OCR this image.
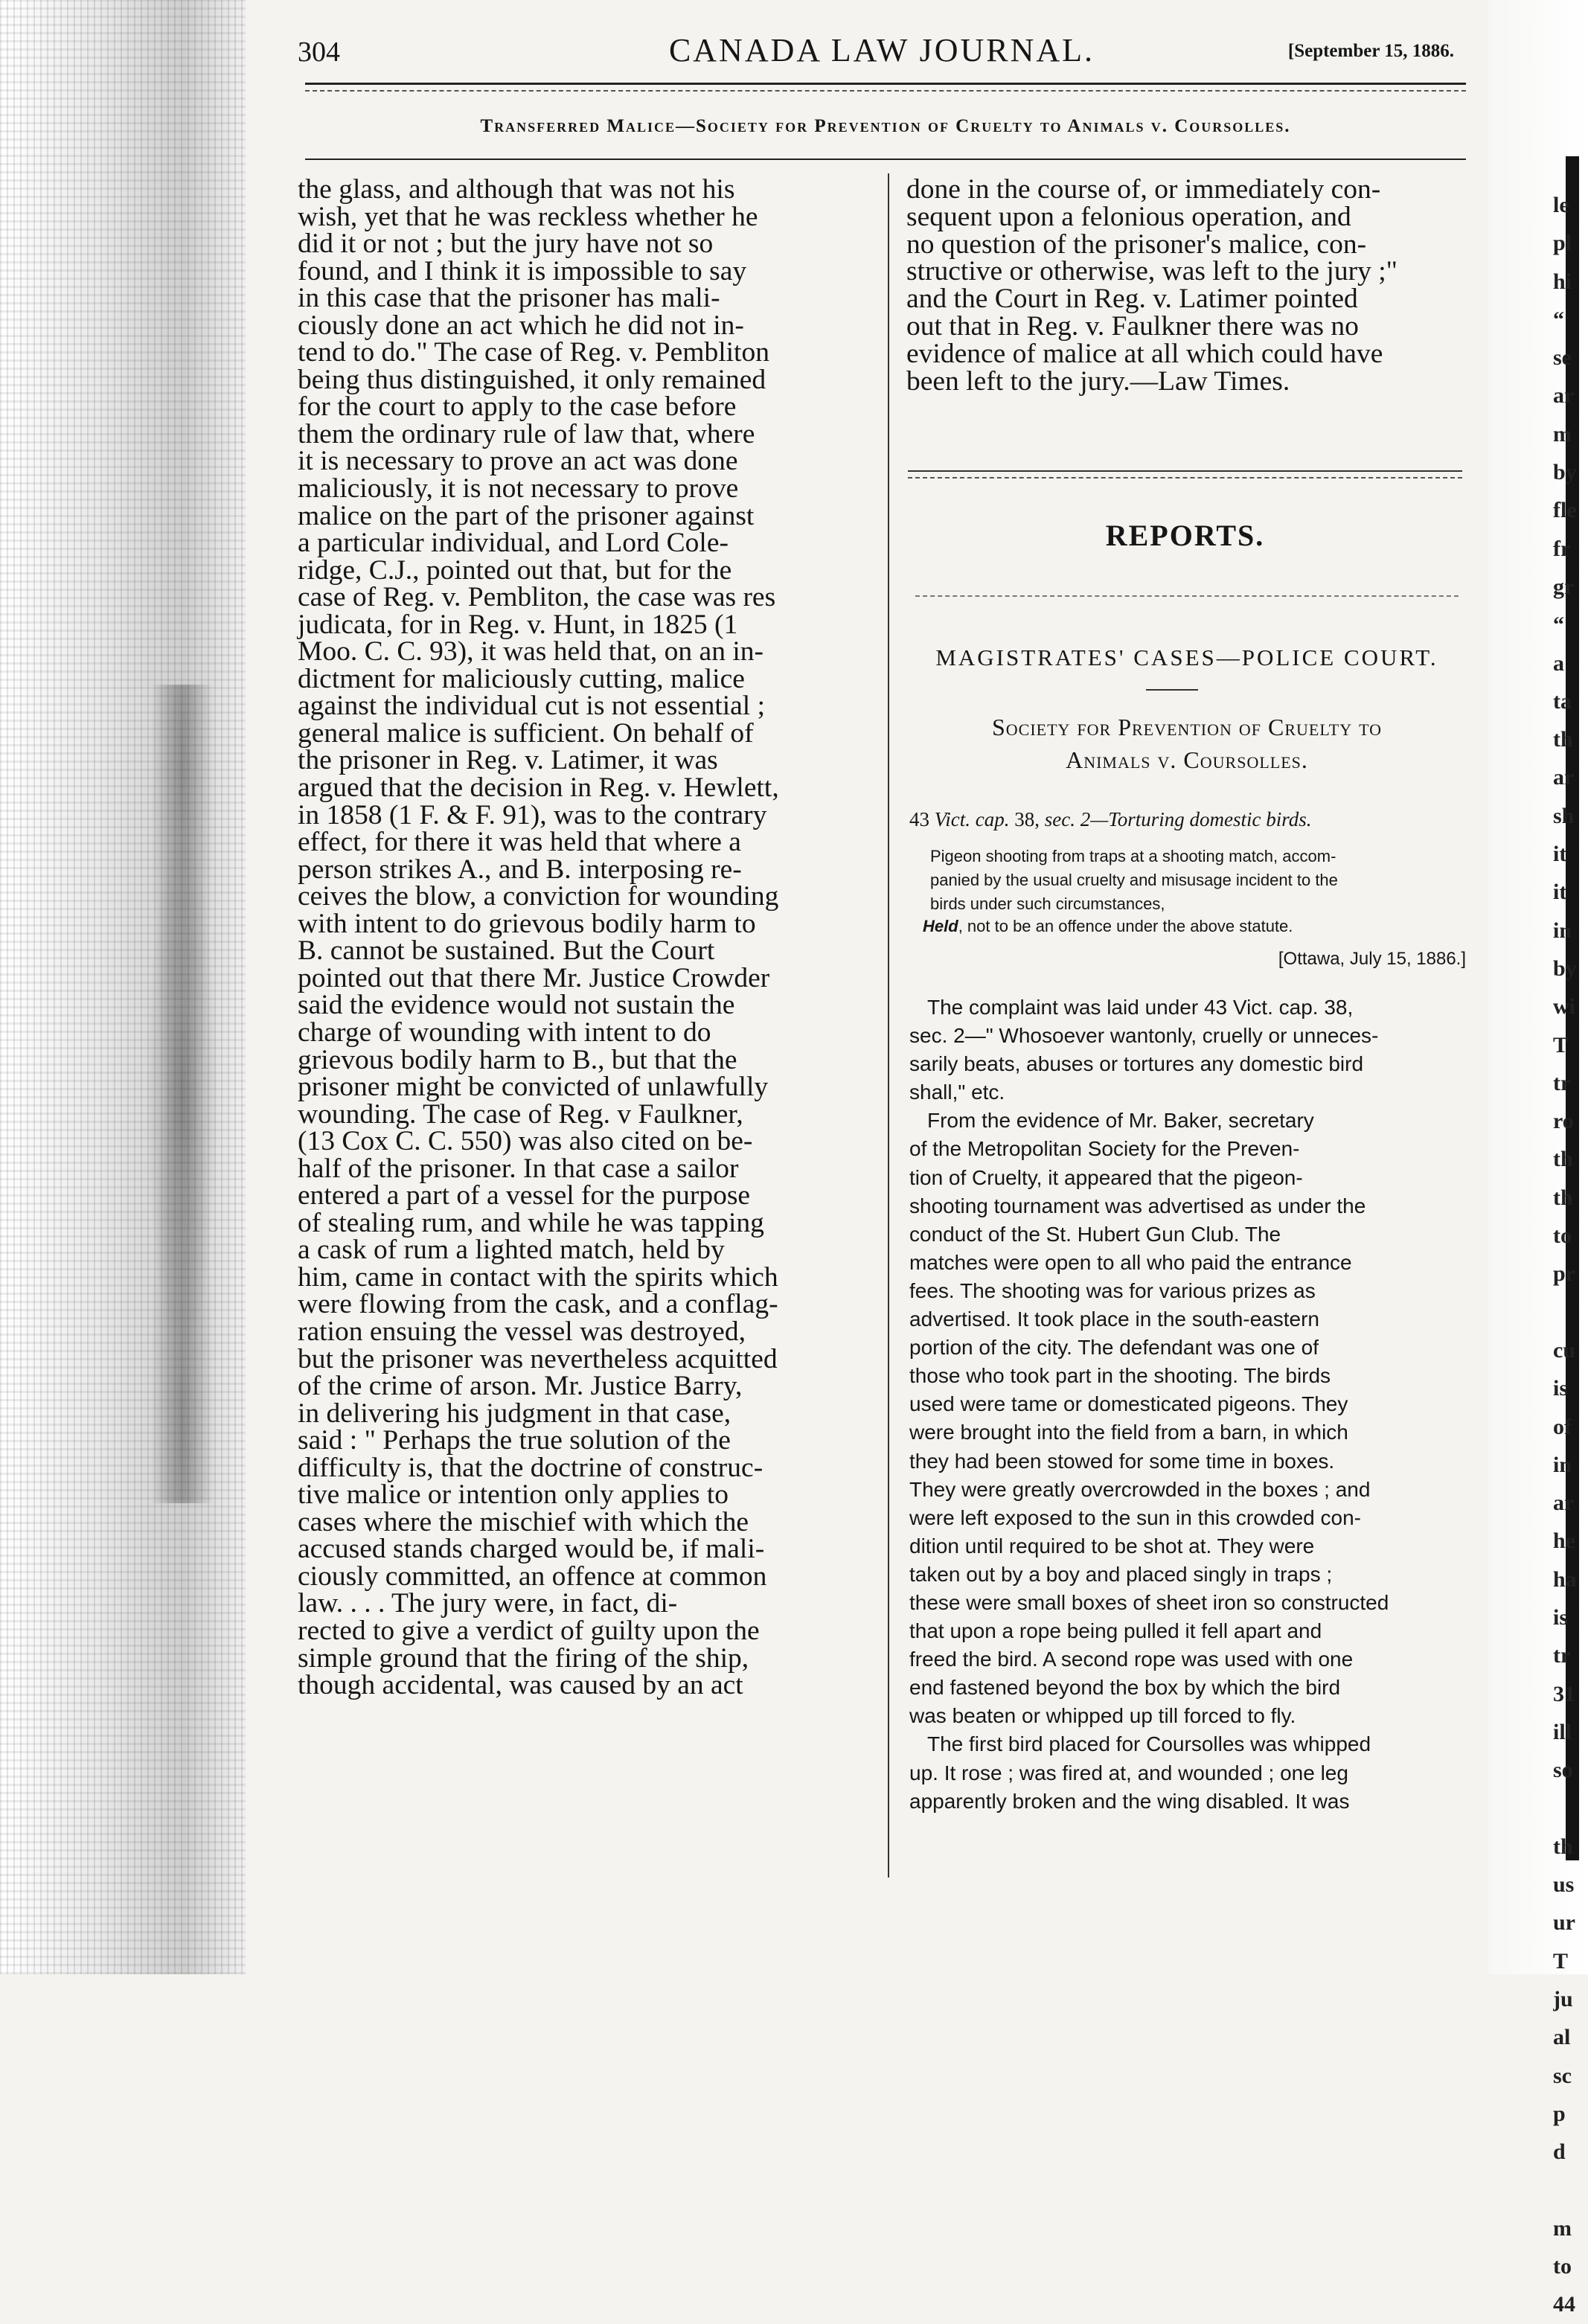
le
pl
hi
“
se
ar
m
by
fle
fr
gr
“
a
ta
th
ar
sh
it
it
in
by
wi
T
tr
ro
th
th
to
pr
cu
is
of
in
ar
he
ha
is
tr
31
ill
so
th
us
ur
T
ju
al
sc
p
d
m
to
44
304	CANADA LAW JOURNAL.	[September 15, 1886.
Transferred Malice—Society for Prevention of Cruelty to Animals v. Coursolles.
the glass, and although that was not his
wish, yet that he was reckless whether he
did it or not ; but the jury have not so
found, and I think it is impossible to say
in this case that the prisoner has mali-
ciously done an act which he did not in-
tend to do." The case of Reg. v. Pembliton
being thus distinguished, it only remained
for the court to apply to the case before
them the ordinary rule of law that, where
it is necessary to prove an act was done
maliciously, it is not necessary to prove
malice on the part of the prisoner against
a particular individual, and Lord Cole-
ridge, C.J., pointed out that, but for the
case of Reg. v. Pembliton, the case was res
judicata, for in Reg. v. Hunt, in 1825 (1
Moo. C. C. 93), it was held that, on an in-
dictment for maliciously cutting, malice
against the individual cut is not essential ;
general malice is sufficient. On behalf of
the prisoner in Reg. v. Latimer, it was
argued that the decision in Reg. v. Hewlett,
in 1858 (1 F. & F. 91), was to the contrary
effect, for there it was held that where a
person strikes A., and B. interposing re-
ceives the blow, a conviction for wounding
with intent to do grievous bodily harm to
B. cannot be sustained. But the Court
pointed out that there Mr. Justice Crowder
said the evidence would not sustain the
charge of wounding with intent to do
grievous bodily harm to B., but that the
prisoner might be convicted of unlawfully
wounding. The case of Reg. v Faulkner,
(13 Cox C. C. 550) was also cited on be-
half of the prisoner. In that case a sailor
entered a part of a vessel for the purpose
of stealing rum, and while he was tapping
a cask of rum a lighted match, held by
him, came in contact with the spirits which
were flowing from the cask, and a conflag-
ration ensuing the vessel was destroyed,
but the prisoner was nevertheless acquitted
of the crime of arson. Mr. Justice Barry,
in delivering his judgment in that case,
said : " Perhaps the true solution of the
difficulty is, that the doctrine of construc-
tive malice or intention only applies to
cases where the mischief with which the
accused stands charged would be, if mali-
ciously committed, an offence at common
law. . . . The jury were, in fact, di-
rected to give a verdict of guilty upon the
simple ground that the firing of the ship,
though accidental, was caused by an act
done in the course of, or immediately con-
sequent upon a felonious operation, and
no question of the prisoner's malice, con-
structive or otherwise, was left to the jury ;"
and the Court in Reg. v. Latimer pointed
out that in Reg. v. Faulkner there was no
evidence of malice at all which could have
been left to the jury.—Law Times.
REPORTS.
MAGISTRATES' CASES—POLICE COURT.
Society for Prevention of Cruelty to
Animals v. Coursolles.
43 Vict. cap. 38, sec. 2—Torturing domestic birds.
Pigeon shooting from traps at a shooting match, accom-
panied by the usual cruelty and misusage incident to the
birds under such circumstances,
Held, not to be an offence under the above statute.
[Ottawa, July 15, 1886.]
The complaint was laid under 43 Vict. cap. 38,
sec. 2—" Whosoever wantonly, cruelly or unneces-
sarily beats, abuses or tortures any domestic bird
shall," etc.
From the evidence of Mr. Baker, secretary
of the Metropolitan Society for the Preven-
tion of Cruelty, it appeared that the pigeon-
shooting tournament was advertised as under the
conduct of the St. Hubert Gun Club. The
matches were open to all who paid the entrance
fees. The shooting was for various prizes as
advertised. It took place in the south-eastern
portion of the city. The defendant was one of
those who took part in the shooting. The birds
used were tame or domesticated pigeons. They
were brought into the field from a barn, in which
they had been stowed for some time in boxes.
They were greatly overcrowded in the boxes ; and
were left exposed to the sun in this crowded con-
dition until required to be shot at. They were
taken out by a boy and placed singly in traps ;
these were small boxes of sheet iron so constructed
that upon a rope being pulled it fell apart and
freed the bird. A second rope was used with one
end fastened beyond the box by which the bird
was beaten or whipped up till forced to fly.
The first bird placed for Coursolles was whipped
up. It rose ; was fired at, and wounded ; one leg
apparently broken and the wing disabled. It was
